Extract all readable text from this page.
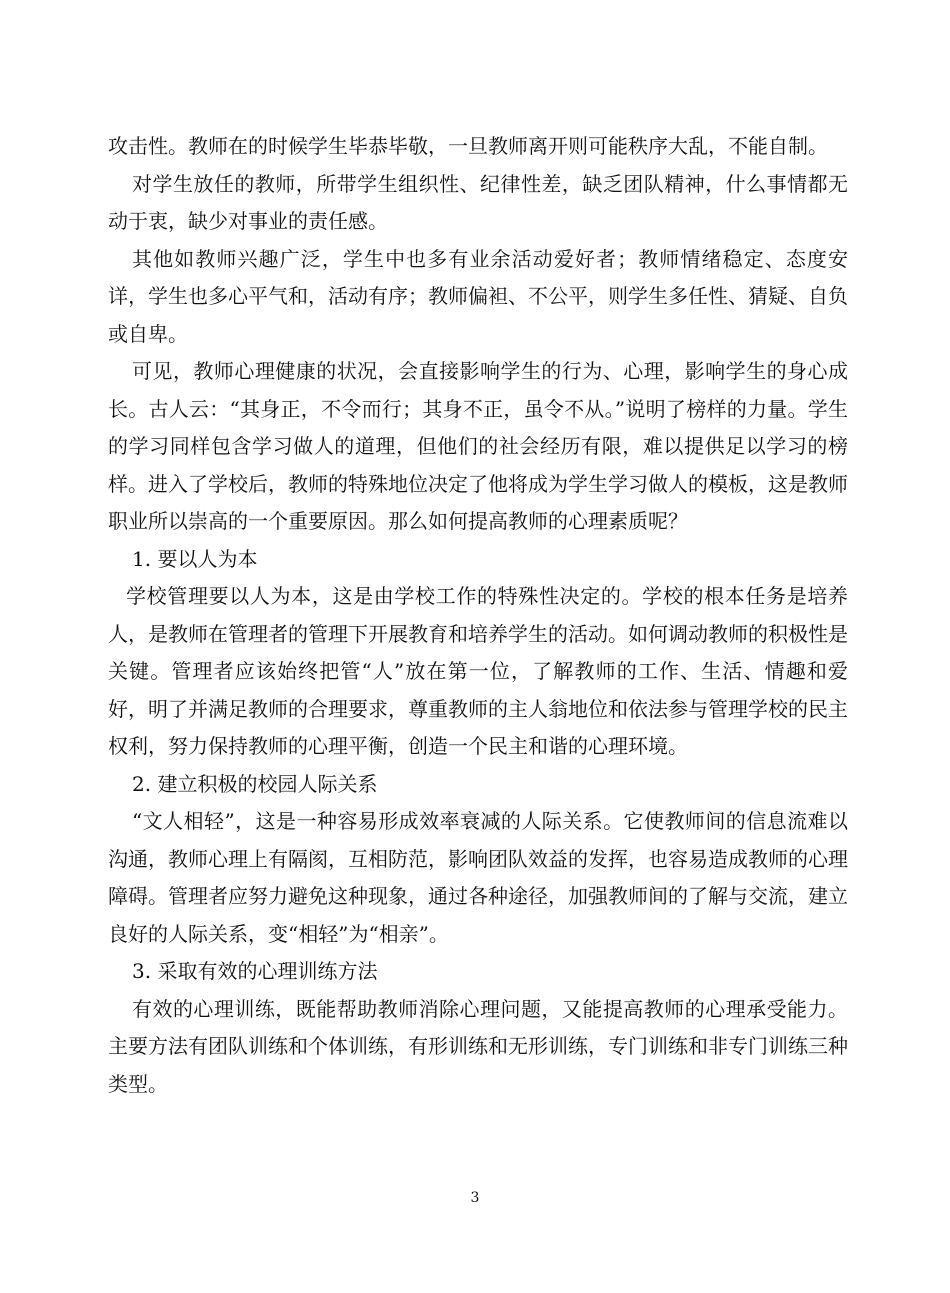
攻击性。教师在的时候学生毕恭毕敬，一旦教师离开则可能秩序大乱，不能自制。

对学生放任的教师，所带学生组织性、纪律性差，缺乏团队精神，什么事情都无动于衷，缺少对事业的责任感。

其他如教师兴趣广泛，学生中也多有业余活动爱好者；教师情绪稳定、态度安详，学生也多心平气和，活动有序；教师偏袒、不公平，则学生多任性、猜疑、自负或自卑。

可见，教师心理健康的状况，会直接影响学生的行为、心理，影响学生的身心成长。古人云：“其身正，不令而行；其身不正，虽令不从。”说明了榜样的力量。学生的学习同样包含学习做人的道理，但他们的社会经历有限，难以提供足以学习的榜样。进入了学校后，教师的特殊地位决定了他将成为学生学习做人的模板，这是教师职业所以崇高的一个重要原因。那么如何提高教师的心理素质呢？

1. 要以人为本

学校管理要以人为本，这是由学校工作的特殊性决定的。学校的根本任务是培养人，是教师在管理者的管理下开展教育和培养学生的活动。如何调动教师的积极性是关键。管理者应该始终把管“人”放在第一位，了解教师的工作、生活、情趣和爱好，明了并满足教师的合理要求，尊重教师的主人翁地位和依法参与管理学校的民主权利，努力保持教师的心理平衡，创造一个民主和谐的心理环境。

2. 建立积极的校园人际关系

“文人相轻”，这是一种容易形成效率衰减的人际关系。它使教师间的信息流难以沟通，教师心理上有隔阂，互相防范，影响团队效益的发挥，也容易造成教师的心理障碍。管理者应努力避免这种现象，通过各种途径，加强教师间的了解与交流，建立良好的人际关系，变“相轻”为“相亲”。

3. 采取有效的心理训练方法

有效的心理训练，既能帮助教师消除心理问题，又能提高教师的心理承受能力。主要方法有团队训练和个体训练，有形训练和无形训练，专门训练和非专门训练三种类型。

3
